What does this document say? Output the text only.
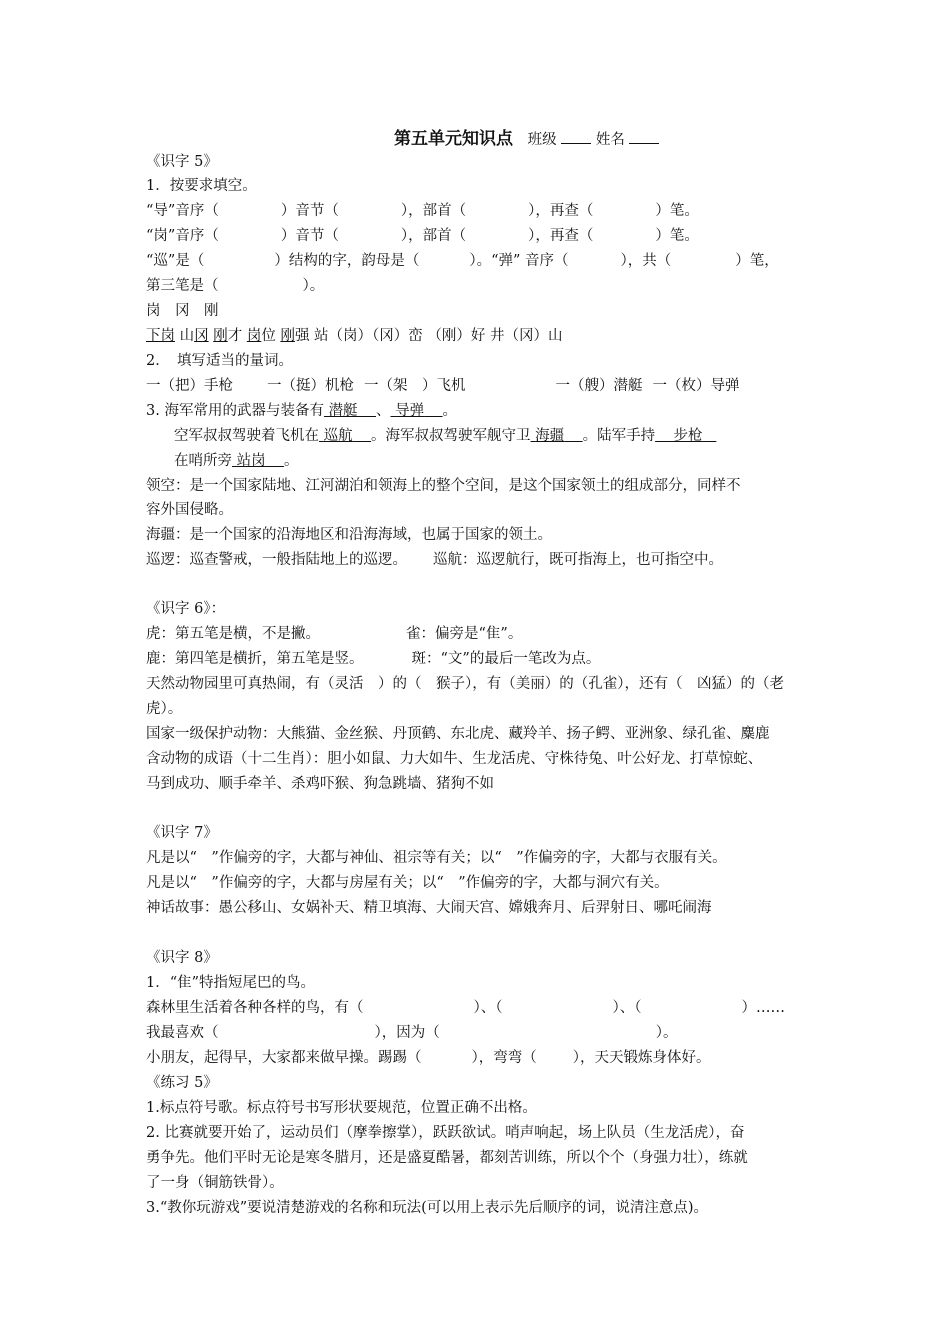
第五单元知识点 班级	姓名
《识字 5》
1．按要求填空。
“导”音序（	）音节（	），部首（	），再查（	）笔。
“岗”音序（	）音节（	），部首（	），再查（	）笔。
“巡”是（	）结构的字，韵母是（	）。“弹” 音序（	），共（	）笔，
第三笔是（	）。
岗　冈　刚
下岗 山冈 刚才 岗位 刚强 站（岗）（冈）峦 （刚）好 井（冈）山
2．　填写适当的量词。
一（把）手枪 一（挺）机枪 一（架　）飞机	一（艘）潜艇 一（枚）导弹
3. 海军常用的武器与装备有 潜艇 、 导弹 。
空军叔叔驾驶着飞机在 巡航 。海军叔叔驾驶军舰守卫 海疆 。陆军手持 步枪
在哨所旁 站岗 。
领空：是一个国家陆地、江河湖泊和领海上的整个空间，是这个国家领土的组成部分，同样不
容外国侵略。
海疆：是一个国家的沿海地区和沿海海域，也属于国家的领土。
巡逻：巡查警戒，一般指陆地上的巡逻。 巡航：巡逻航行，既可指海上，也可指空中。
《识字 6》：
虎：第五笔是横，不是撇。	雀：偏旁是“隹”。
鹿：第四笔是横折，第五笔是竖。	斑：“文”的最后一笔改为点。
天然动物园里可真热闹，有（灵活　）的（　猴子），有（美丽）的（孔雀），还有（　凶猛）的（老
虎）。
国家一级保护动物：大熊猫、金丝猴、丹顶鹤、东北虎、藏羚羊、扬子鳄、亚洲象、绿孔雀、麋鹿
含动物的成语（十二生肖）：胆小如鼠、力大如牛、生龙活虎、守株待兔、叶公好龙、打草惊蛇、
马到成功、顺手牵羊、杀鸡吓猴、狗急跳墙、猪狗不如
《识字 7》
凡是以“　”作偏旁的字，大都与神仙、祖宗等有关；以“　”作偏旁的字，大都与衣服有关。
凡是以“　”作偏旁的字，大都与房屋有关；以“　”作偏旁的字，大都与洞穴有关。
神话故事：愚公移山、女娲补天、精卫填海、大闹天宫、嫦娥奔月、后羿射日、哪吒闹海
《识字 8》
1．“隹”特指短尾巴的鸟。
森林里生活着各种各样的鸟，有（	）、（	）、（	）……
我最喜欢（	），因为（	）。
小朋友，起得早，大家都来做早操。踢踢（	），弯弯（ ），天天锻炼身体好。
《练习 5》
1.标点符号歌。标点符号书写形状要规范，位置正确不出格。
2. 比赛就要开始了，运动员们（摩拳擦掌），跃跃欲试。哨声响起，场上队员（生龙活虎），奋
勇争先。他们平时无论是寒冬腊月，还是盛夏酷暑，都刻苦训练，所以个个（身强力壮），练就
了一身（铜筋铁骨）。
3.“教你玩游戏”要说清楚游戏的名称和玩法(可以用上表示先后顺序的词，说清注意点)。
